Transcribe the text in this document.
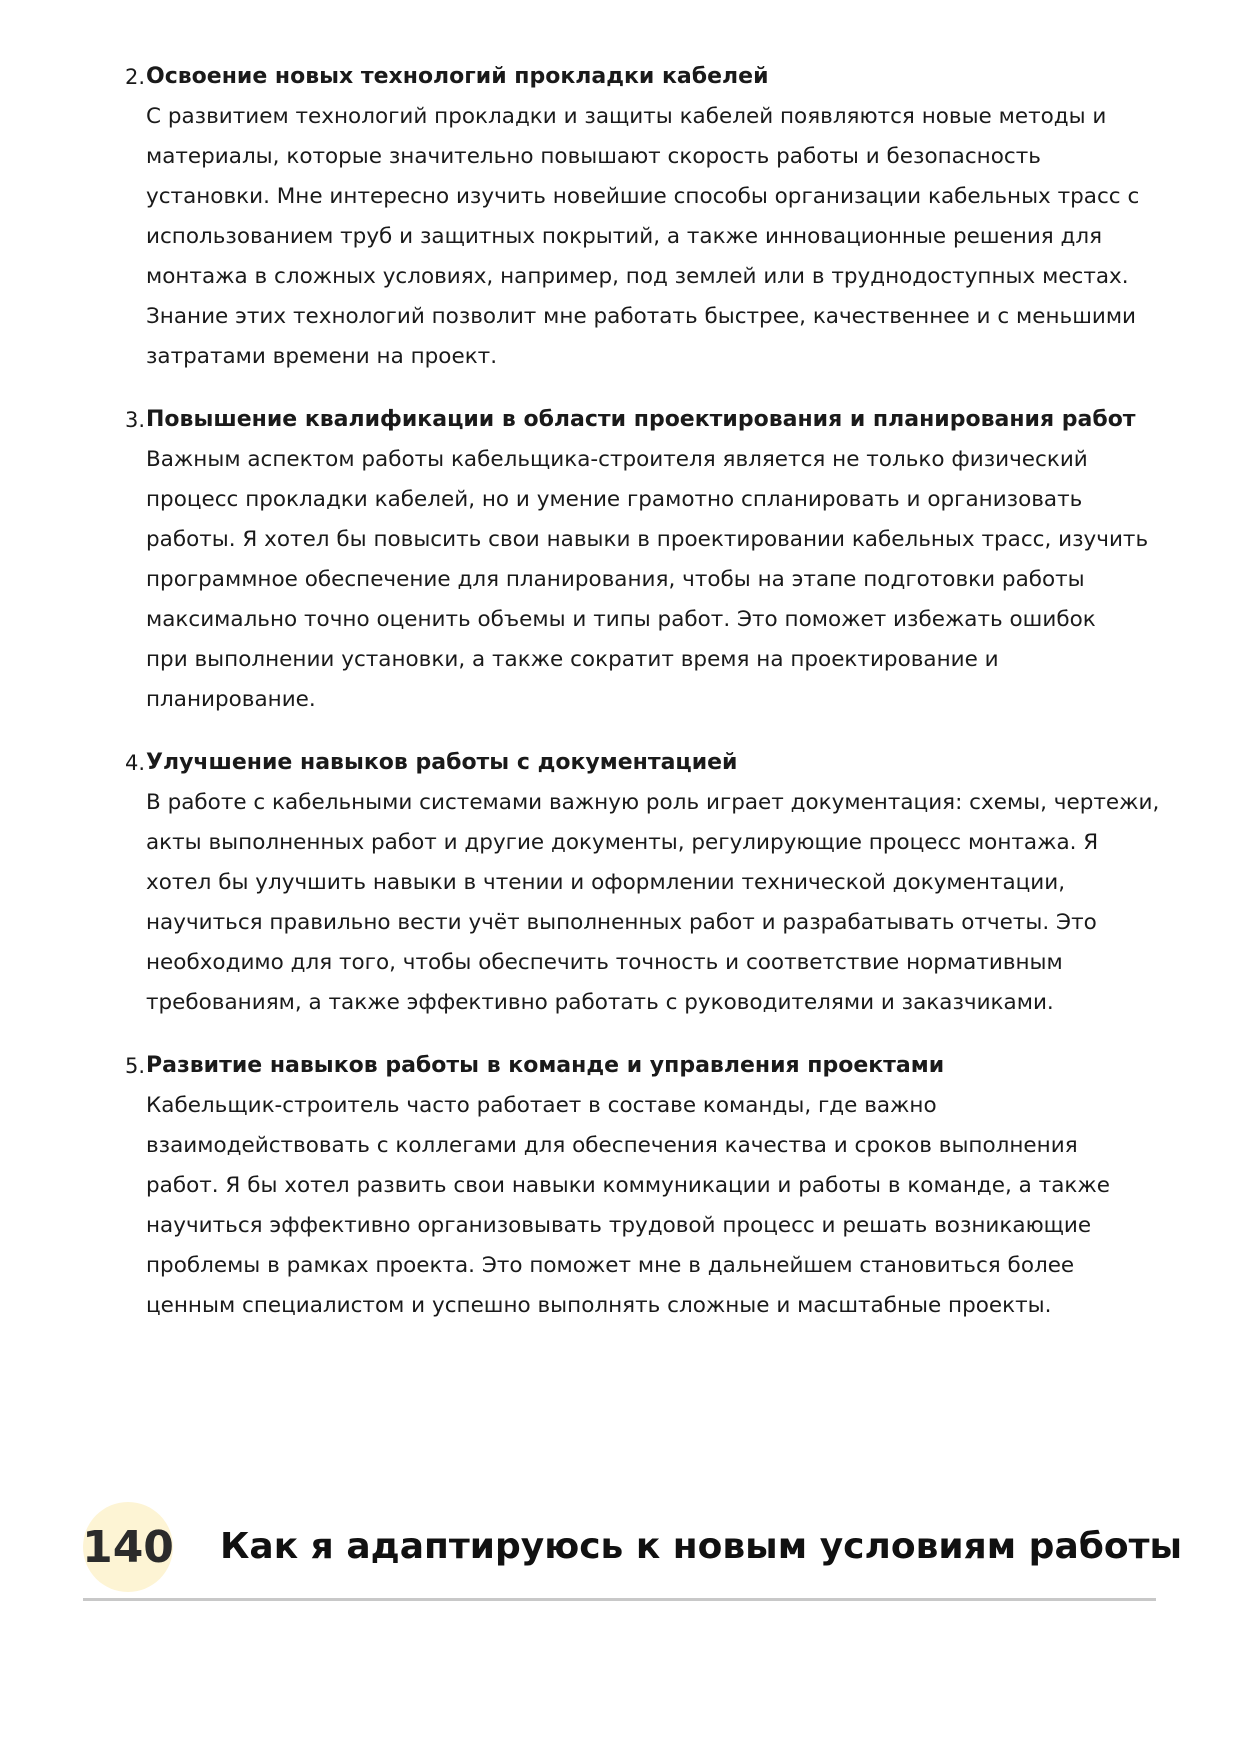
2. Освоение новых технологий прокладки кабелей
С развитием технологий прокладки и защиты кабелей появляются новые методы и
материалы, которые значительно повышают скорость работы и безопасность
установки. Мне интересно изучить новейшие способы организации кабельных трасс с
использованием труб и защитных покрытий, а также инновационные решения для
монтажа в сложных условиях, например, под землей или в труднодоступных местах.
Знание этих технологий позволит мне работать быстрее, качественнее и с меньшими
затратами времени на проект.
3. Повышение квалификации в области проектирования и планирования работ
Важным аспектом работы кабельщика-строителя является не только физический
процесс прокладки кабелей, но и умение грамотно спланировать и организовать
работы. Я хотел бы повысить свои навыки в проектировании кабельных трасс, изучить
программное обеспечение для планирования, чтобы на этапе подготовки работы
максимально точно оценить объемы и типы работ. Это поможет избежать ошибок
при выполнении установки, а также сократит время на проектирование и
планирование.
4. Улучшение навыков работы с документацией
В работе с кабельными системами важную роль играет документация: схемы, чертежи,
акты выполненных работ и другие документы, регулирующие процесс монтажа. Я
хотел бы улучшить навыки в чтении и оформлении технической документации,
научиться правильно вести учёт выполненных работ и разрабатывать отчеты. Это
необходимо для того, чтобы обеспечить точность и соответствие нормативным
требованиям, а также эффективно работать с руководителями и заказчиками.
5. Развитие навыков работы в команде и управления проектами
Кабельщик-строитель часто работает в составе команды, где важно
взаимодействовать с коллегами для обеспечения качества и сроков выполнения
работ. Я бы хотел развить свои навыки коммуникации и работы в команде, а также
научиться эффективно организовывать трудовой процесс и решать возникающие
проблемы в рамках проекта. Это поможет мне в дальнейшем становиться более
ценным специалистом и успешно выполнять сложные и масштабные проекты.
140 Как я адаптируюсь к новым условиям работы
